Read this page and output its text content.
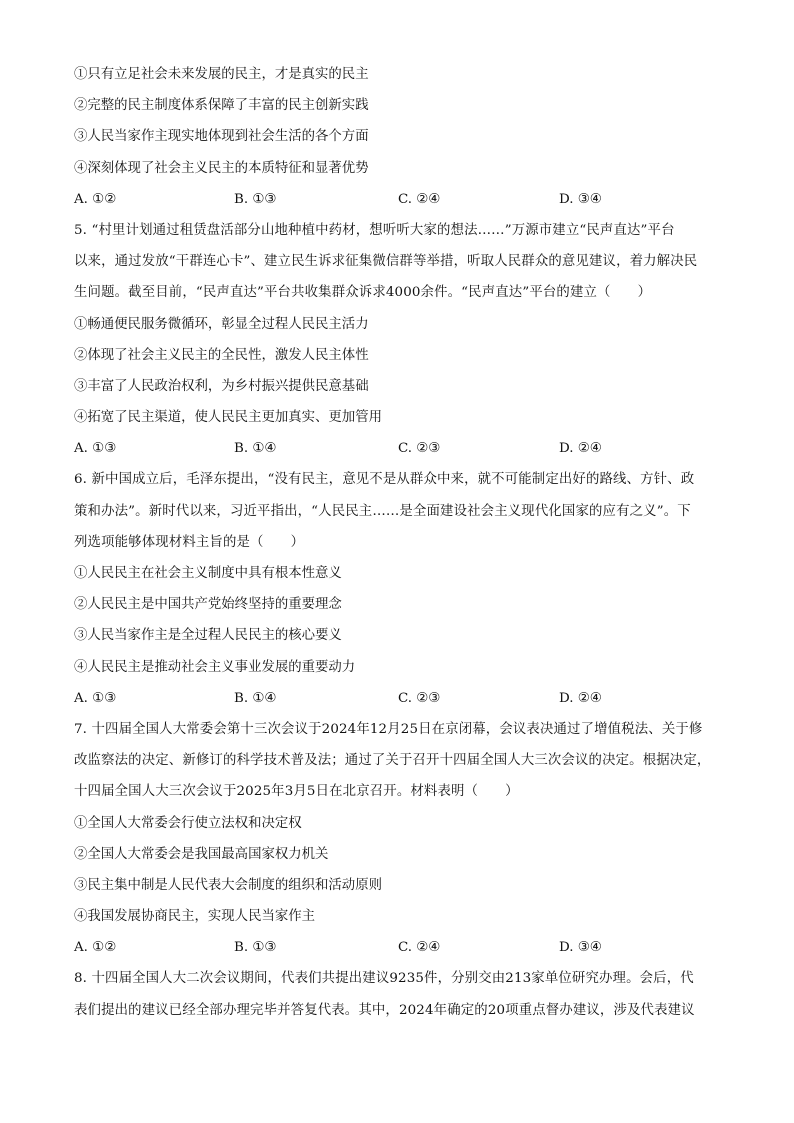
①只有立足社会未来发展的民主，才是真实的民主
②完整的民主制度体系保障了丰富的民主创新实践
③人民当家作主现实地体现到社会生活的各个方面
④深刻体现了社会主义民主的本质特征和显著优势
A. ①②	B. ①③	C. ②④	D. ③④
5. “村里计划通过租赁盘活部分山地种植中药材，想听听大家的想法……”万源市建立“民声直达”平台
以来，通过发放“干群连心卡”、建立民生诉求征集微信群等举措，听取人民群众的意见建议，着力解决民
生问题。截至目前，“民声直达”平台共收集群众诉求4000余件。“民声直达”平台的建立（　　）
①畅通便民服务微循环，彰显全过程人民民主活力
②体现了社会主义民主的全民性，激发人民主体性
③丰富了人民政治权利，为乡村振兴提供民意基础
④拓宽了民主渠道，使人民民主更加真实、更加管用
A. ①③	B. ①④	C. ②③	D. ②④
6. 新中国成立后，毛泽东提出，“没有民主，意见不是从群众中来，就不可能制定出好的路线、方针、政
策和办法”。新时代以来，习近平指出，“人民民主……是全面建设社会主义现代化国家的应有之义”。下
列选项能够体现材料主旨的是（　　）
①人民民主在社会主义制度中具有根本性意义
②人民民主是中国共产党始终坚持的重要理念
③人民当家作主是全过程人民民主的核心要义
④人民民主是推动社会主义事业发展的重要动力
A. ①③	B. ①④	C. ②③	D. ②④
7. 十四届全国人大常委会第十三次会议于2024年12月25日在京闭幕，会议表决通过了增值税法、关于修
改监察法的决定、新修订的科学技术普及法；通过了关于召开十四届全国人大三次会议的决定。根据决定，
十四届全国人大三次会议于2025年3月5日在北京召开。材料表明（　　）
①全国人大常委会行使立法权和决定权
②全国人大常委会是我国最高国家权力机关
③民主集中制是人民代表大会制度的组织和活动原则
④我国发展协商民主，实现人民当家作主
A. ①②	B. ①③	C. ②④	D. ③④
8. 十四届全国人大二次会议期间，代表们共提出建议9235件，分别交由213家单位研究办理。会后，代
表们提出的建议已经全部办理完毕并答复代表。其中，2024年确定的20项重点督办建议，涉及代表建议
